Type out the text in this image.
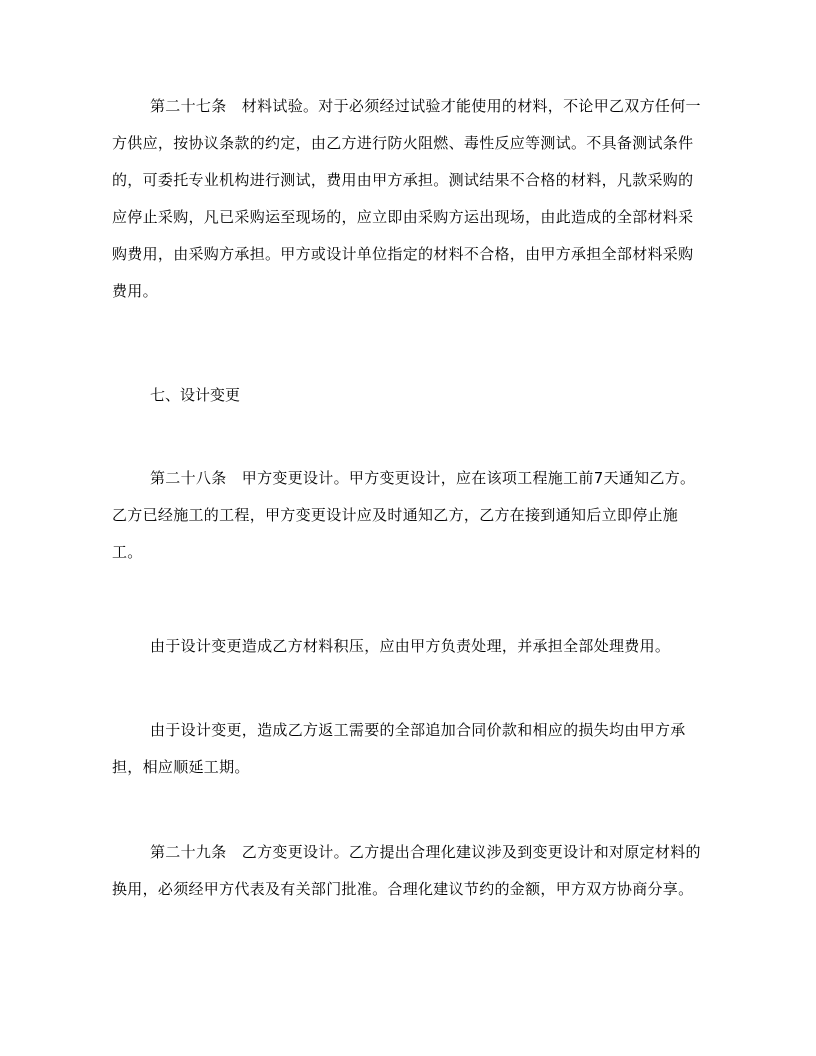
第二十七条　材料试验。对于必须经过试验才能使用的材料，不论甲乙双方任何一方供应，按协议条款的约定，由乙方进行防火阻燃、毒性反应等测试。不具备测试条件的，可委托专业机构进行测试，费用由甲方承担。测试结果不合格的材料，凡款采购的应停止采购，凡已采购运至现场的，应立即由采购方运出现场，由此造成的全部材料采购费用，由采购方承担。甲方或设计单位指定的材料不合格，由甲方承担全部材料采购费用。

七、设计变更

第二十八条　甲方变更设计。甲方变更设计，应在该项工程施工前7天通知乙方。乙方已经施工的工程，甲方变更设计应及时通知乙方，乙方在接到通知后立即停止施工。

由于设计变更造成乙方材料积压，应由甲方负责处理，并承担全部处理费用。

由于设计变更，造成乙方返工需要的全部追加合同价款和相应的损失均由甲方承担，相应顺延工期。

第二十九条　乙方变更设计。乙方提出合理化建议涉及到变更设计和对原定材料的换用，必须经甲方代表及有关部门批准。合理化建议节约的金额，甲方双方协商分享。
